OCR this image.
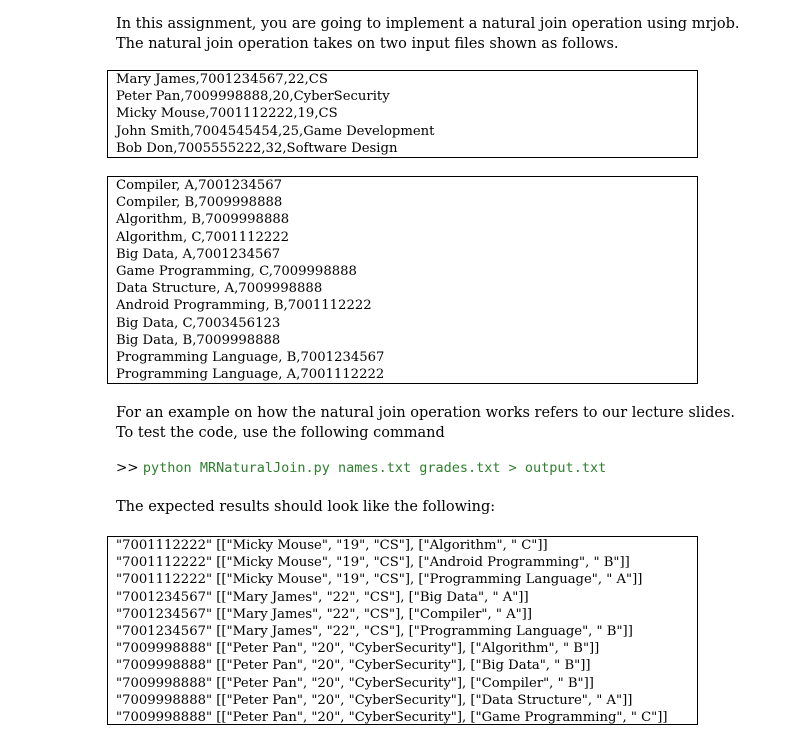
In this assignment, you are going to implement a natural join operation using mrjob.
The natural join operation takes on two input files shown as follows.
Mary James,7001234567,22,CS
Peter Pan,7009998888,20,CyberSecurity
Micky Mouse,7001112222,19,CS
John Smith,7004545454,25,Game Development
Bob Don,7005555222,32,Software Design
Compiler, A,7001234567
Compiler, B,7009998888
Algorithm, B,7009998888
Algorithm, C,7001112222
Big Data, A,7001234567
Game Programming, C,7009998888
Data Structure, A,7009998888
Android Programming, B,7001112222
Big Data, C,7003456123
Big Data, B,7009998888
Programming Language, B,7001234567
Programming Language, A,7001112222
For an example on how the natural join operation works refers to our lecture slides.
To test the code, use the following command
>> python MRNaturalJoin.py names.txt grades.txt > output.txt
The expected results should look like the following:
"7001112222" [["Micky Mouse", "19", "CS"], ["Algorithm", " C"]]
"7001112222" [["Micky Mouse", "19", "CS"], ["Android Programming", " B"]]
"7001112222" [["Micky Mouse", "19", "CS"], ["Programming Language", " A"]]
"7001234567" [["Mary James", "22", "CS"], ["Big Data", " A"]]
"7001234567" [["Mary James", "22", "CS"], ["Compiler", " A"]]
"7001234567" [["Mary James", "22", "CS"], ["Programming Language", " B"]]
"7009998888" [["Peter Pan", "20", "CyberSecurity"], ["Algorithm", " B"]]
"7009998888" [["Peter Pan", "20", "CyberSecurity"], ["Big Data", " B"]]
"7009998888" [["Peter Pan", "20", "CyberSecurity"], ["Compiler", " B"]]
"7009998888" [["Peter Pan", "20", "CyberSecurity"], ["Data Structure", " A"]]
"7009998888" [["Peter Pan", "20", "CyberSecurity"], ["Game Programming", " C"]]
